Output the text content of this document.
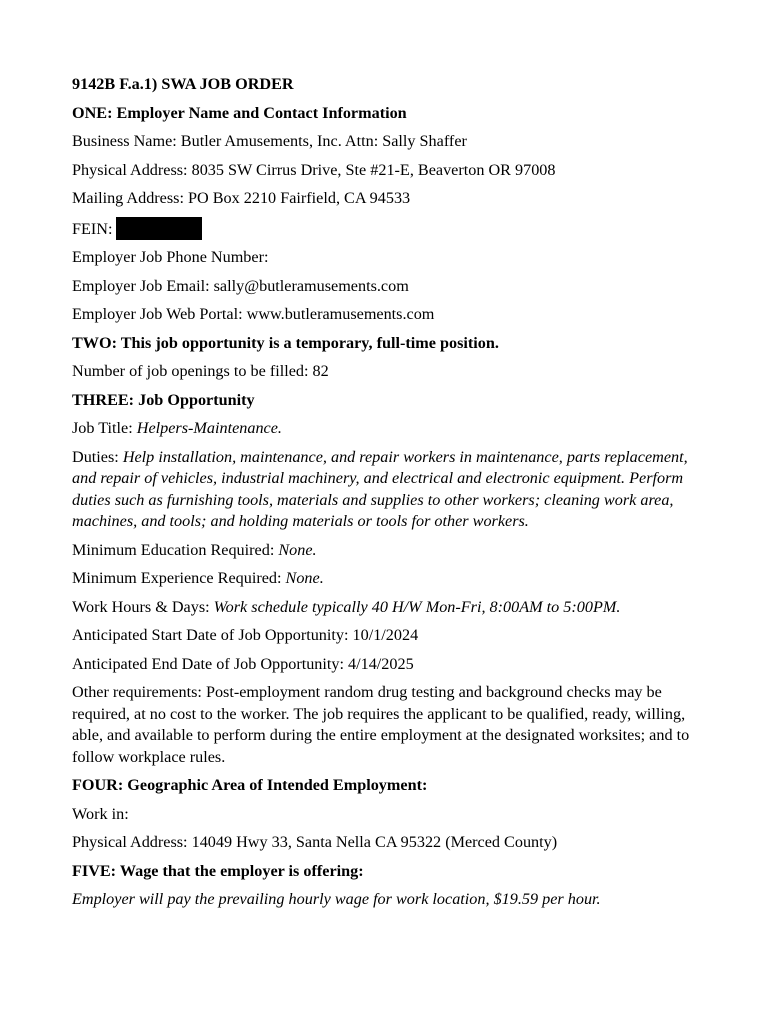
9142B F.a.1) SWA JOB ORDER
ONE: Employer Name and Contact Information
Business Name: Butler Amusements, Inc. Attn: Sally Shaffer
Physical Address: 8035 SW Cirrus Drive, Ste #21-E, Beaverton OR 97008
Mailing Address: PO Box 2210 Fairfield, CA 94533
FEIN:
Employer Job Phone Number:
Employer Job Email: sally@butleramusements.com
Employer Job Web Portal: www.butleramusements.com
TWO: This job opportunity is a temporary, full-time position.
Number of job openings to be filled: 82
THREE: Job Opportunity
Job Title: Helpers-Maintenance.
Duties: Help installation, maintenance, and repair workers in maintenance, parts replacement, and repair of vehicles, industrial machinery, and electrical and electronic equipment. Perform duties such as furnishing tools, materials and supplies to other workers; cleaning work area, machines, and tools; and holding materials or tools for other workers.
Minimum Education Required: None.
Minimum Experience Required: None.
Work Hours & Days: Work schedule typically 40 H/W Mon-Fri, 8:00AM to 5:00PM.
Anticipated Start Date of Job Opportunity: 10/1/2024
Anticipated End Date of Job Opportunity: 4/14/2025
Other requirements: Post-employment random drug testing and background checks may be required, at no cost to the worker. The job requires the applicant to be qualified, ready, willing, able, and available to perform during the entire employment at the designated worksites; and to follow workplace rules.
FOUR: Geographic Area of Intended Employment:
Work in:
Physical Address: 14049 Hwy 33, Santa Nella CA 95322 (Merced County)
FIVE: Wage that the employer is offering:
Employer will pay the prevailing hourly wage for work location, $19.59 per hour.
